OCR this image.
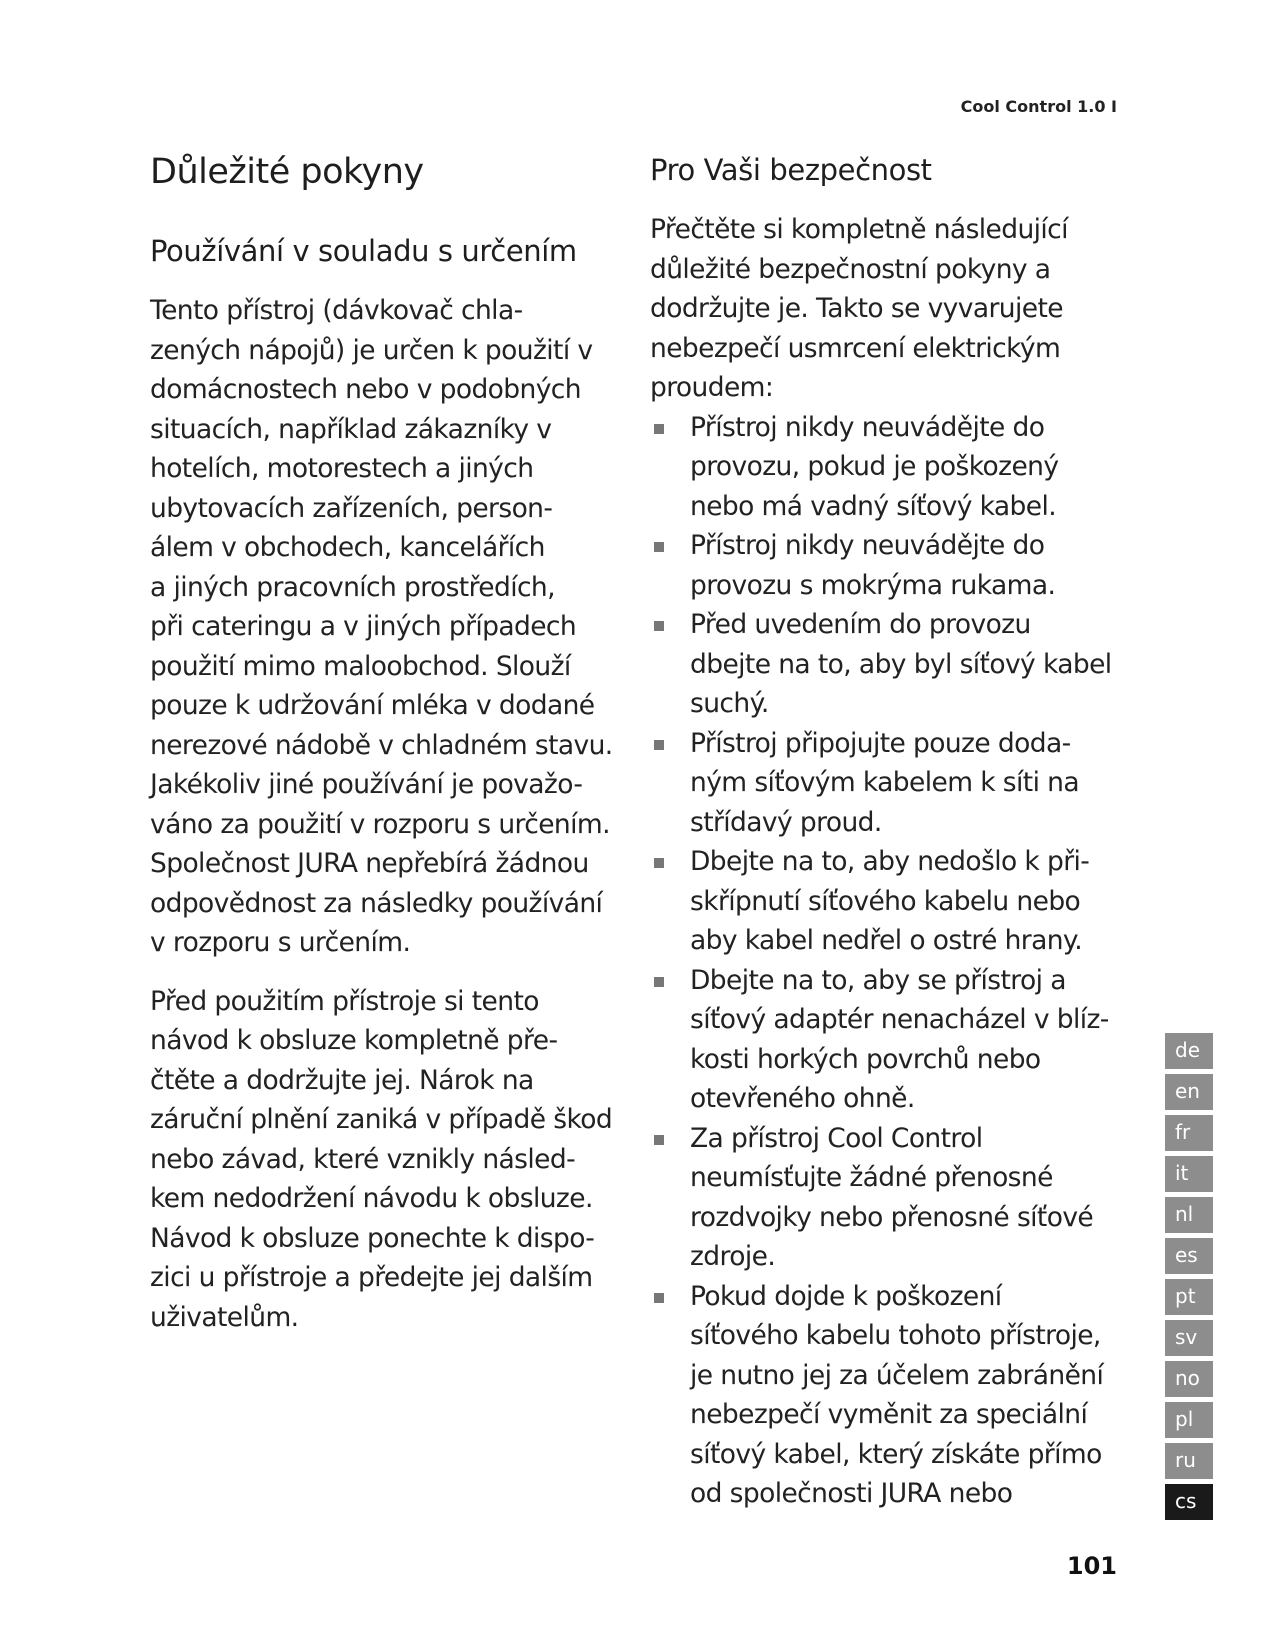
Cool Control 1.0 I
Důležité pokyny
Používání v souladu s určením

Tento přístroj (dávkovač chla-
zených nápojů) je určen k použití v
domácnostech nebo v podobných
situacích, například zákazníky v
hotelích, motorestech a jiných
ubytovacích zařízeních, person-
álem v obchodech, kancelářích
a jiných pracovních prostředích,
při cateringu a v jiných případech
použití mimo maloobchod. Slouží
pouze k udržování mléka v dodané
nerezové nádobě v chladném stavu.
Jakékoliv jiné používání je považo-
váno za použití v rozporu s určením.
Společnost JURA nepřebírá žádnou
odpovědnost za následky používání
v rozporu s určením.

Před použitím přístroje si tento
návod k obsluze kompletně pře-
čtěte a dodržujte jej. Nárok na
záruční plnění zaniká v případě škod
nebo závad, které vznikly násled-
kem nedodržení návodu k obsluze.
Návod k obsluze ponechte k dispo-
zici u přístroje a předejte jej dalším
uživatelům.

Pro Vaši bezpečnost

Přečtěte si kompletně následující
důležité bezpečnostní pokyny a
dodržujte je. Takto se vyvarujete
nebezpečí usmrcení elektrickým
proudem:

Přístroj nikdy neuvádějte do
provozu, pokud je poškozený
nebo má vadný síťový kabel.
Přístroj nikdy neuvádějte do
provozu s mokrýma rukama.
Před uvedením do provozu
dbejte na to, aby byl síťový kabel
suchý.
Přístroj připojujte pouze doda-
ným síťovým kabelem k síti na
střídavý proud.
Dbejte na to, aby nedošlo k při-
skřípnutí síťového kabelu nebo
aby kabel nedřel o ostré hrany.
Dbejte na to, aby se přístroj a
síťový adaptér nenacházel v blíz-
kosti horkých povrchů nebo
otevřeného ohně.
Za přístroj Cool Control
neumísťujte žádné přenosné
rozdvojky nebo přenosné síťové
zdroje.
Pokud dojde k poškození
síťového kabelu tohoto přístroje,
je nutno jej za účelem zabránění
nebezpečí vyměnit za speciální
síťový kabel, který získáte přímo
od společnosti JURA nebo
de
en
fr
it
nl
es
pt
sv
no
pl
ru
cs
101
